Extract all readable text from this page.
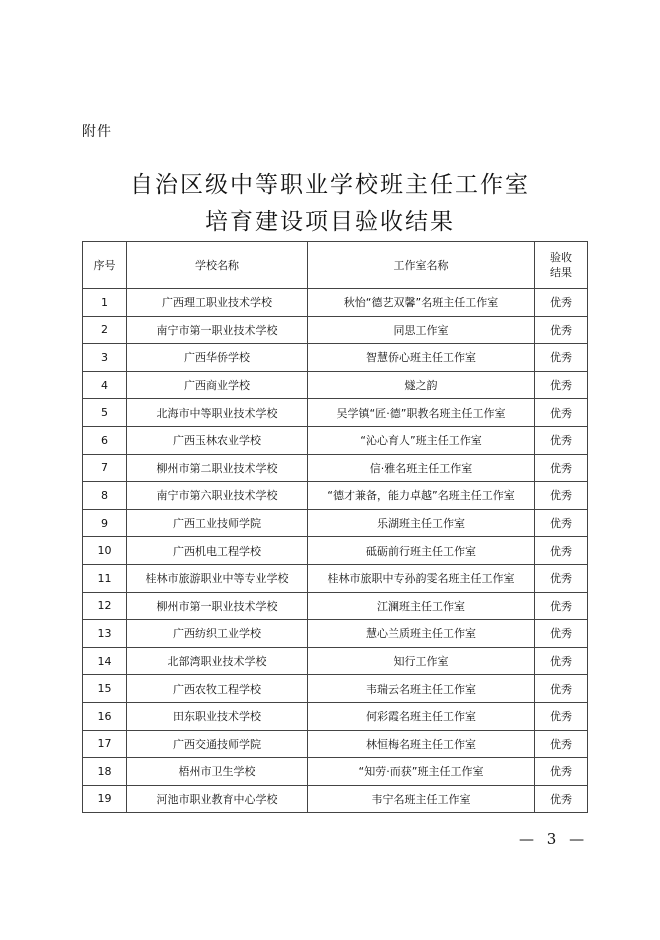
附件
自治区级中等职业学校班主任工作室
培育建设项目验收结果
序号	学校名称	工作室名称	验收
结果
1	广西理工职业技术学校	秋怡“德艺双馨”名班主任工作室	优秀
2	南宁市第一职业技术学校	同思工作室	优秀
3	广西华侨学校	智慧侨心班主任工作室	优秀
4	广西商业学校	燧之韵	优秀
5	北海市中等职业技术学校	吴学镇“匠·德”职教名班主任工作室	优秀
6	广西玉林农业学校	“沁心育人”班主任工作室	优秀
7	柳州市第二职业技术学校	信·雅名班主任工作室	优秀
8	南宁市第六职业技术学校	“德才兼备，能力卓越”名班主任工作室	优秀
9	广西工业技师学院	乐湖班主任工作室	优秀
10	广西机电工程学校	砥砺前行班主任工作室	优秀
11	桂林市旅游职业中等专业学校	桂林市旅职中专孙韵雯名班主任工作室	优秀
12	柳州市第一职业技术学校	江澜班主任工作室	优秀
13	广西纺织工业学校	慧心兰质班主任工作室	优秀
14	北部湾职业技术学校	知行工作室	优秀
15	广西农牧工程学校	韦瑞云名班主任工作室	优秀
16	田东职业技术学校	何彩霞名班主任工作室	优秀
17	广西交通技师学院	林恒梅名班主任工作室	优秀
18	梧州市卫生学校	“知劳·而获”班主任工作室	优秀
19	河池市职业教育中心学校	韦宁名班主任工作室	优秀
— 3 —
